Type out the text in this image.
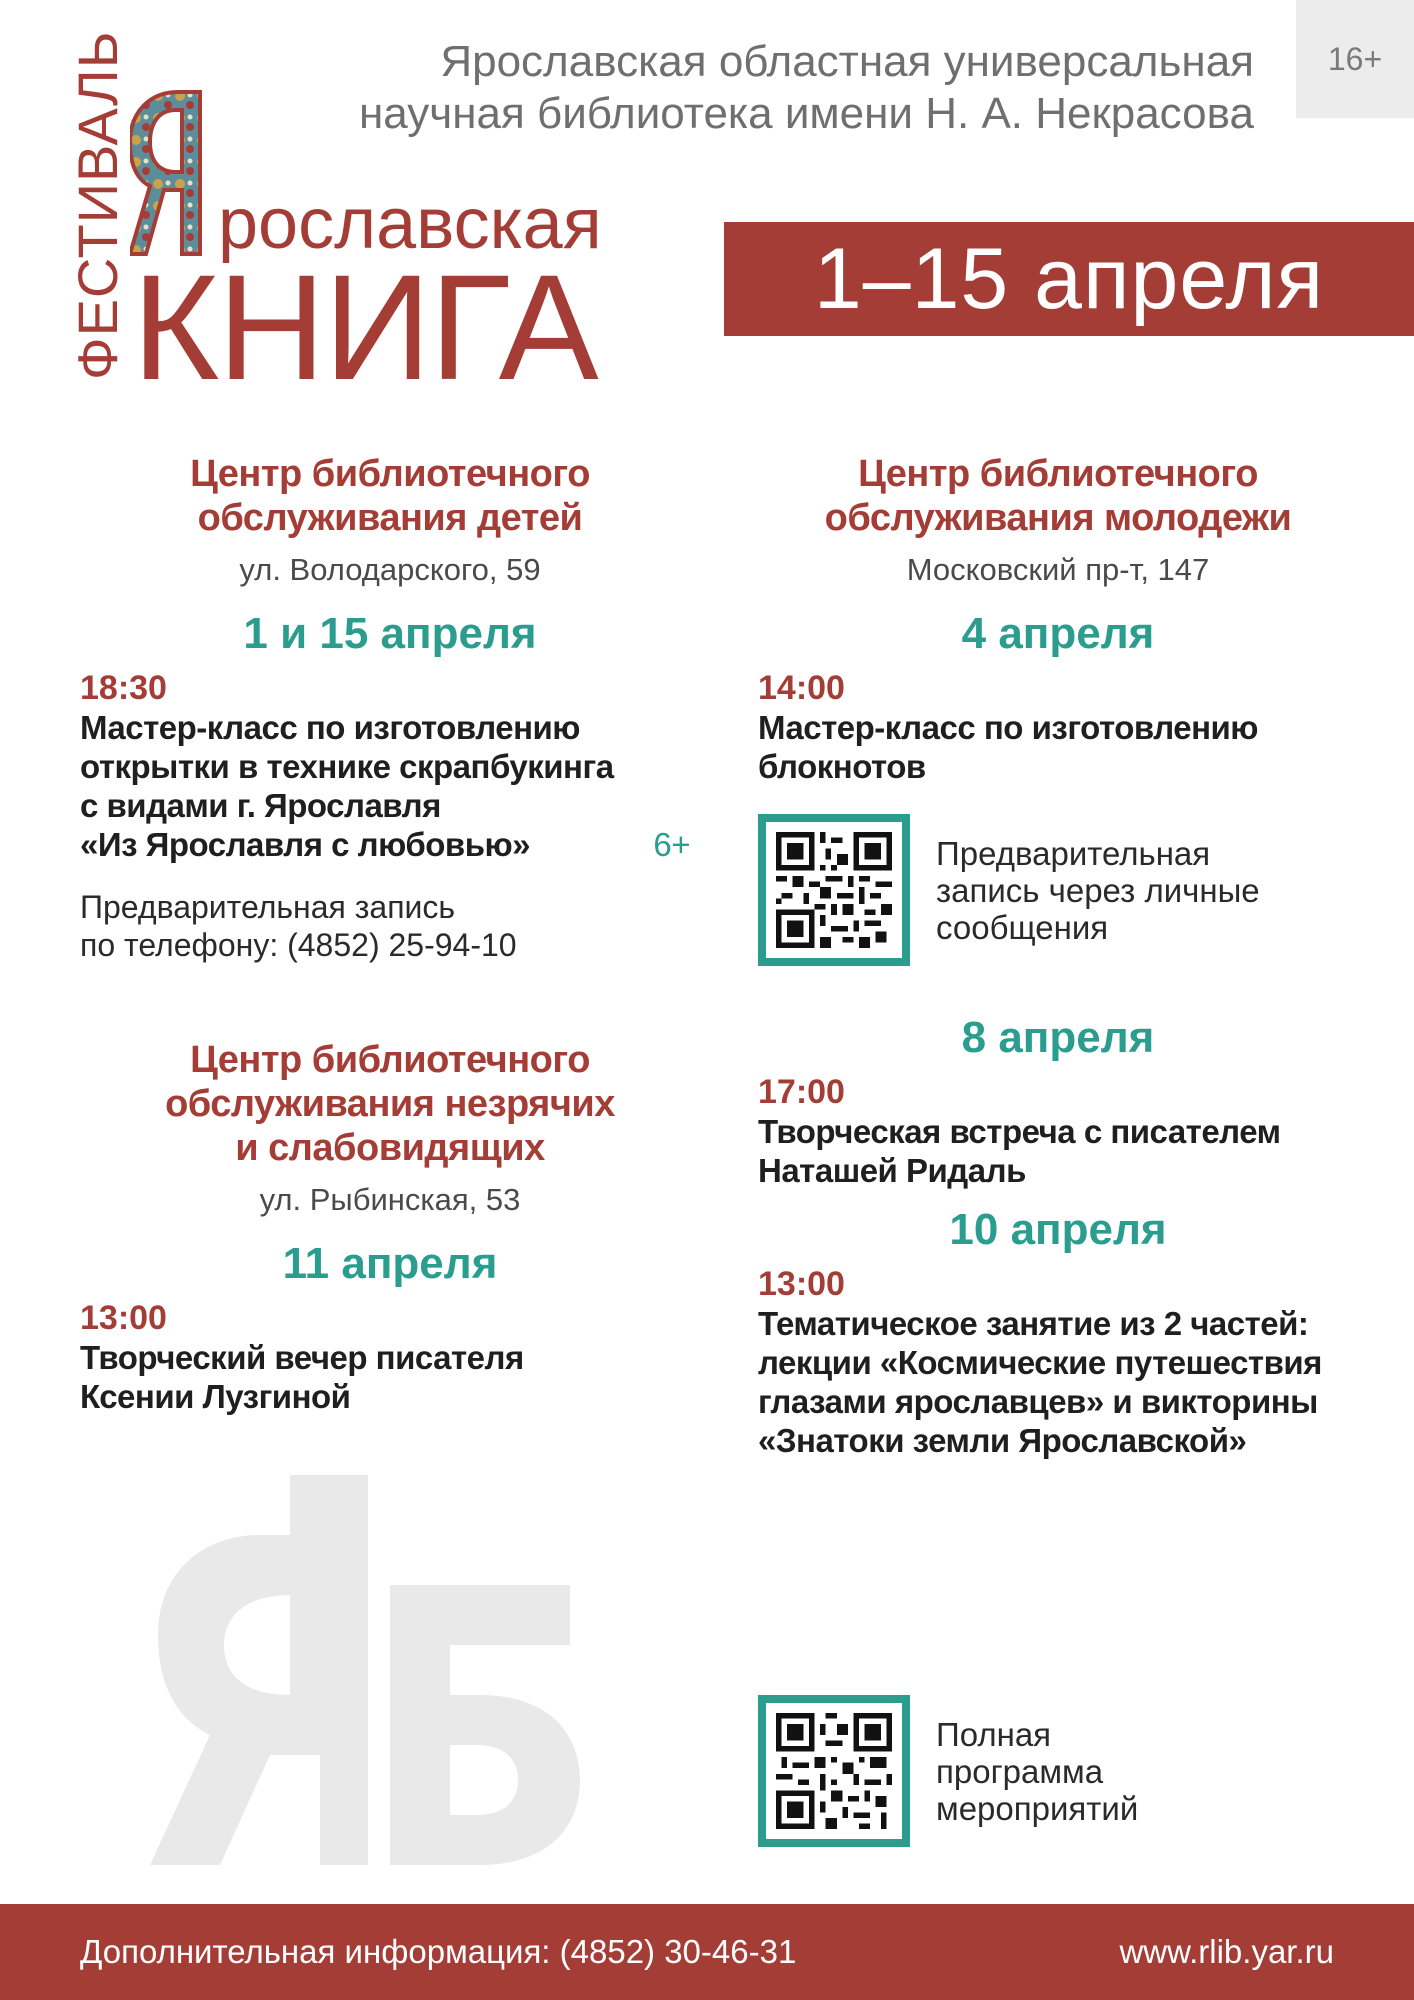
16+
Ярославская областная универсальная
научная библиотека имени Н. А. Некрасова
ФЕСТИВАЛЬ	Я
рославская
КНИГА	1–15 апреля
Центр библиотечного
обслуживания детей
ул. Володарского, 59
1 и 15 апреля
18:30
Мастер-класс по изготовлению
открытки в технике скрапбукинга
с видами г. Ярославля
«Из Ярославля с любовью»	6+
Предварительная запись
по телефону: (4852) 25-94-10
Центр библиотечного
обслуживания незрячих
и слабовидящих
ул. Рыбинская, 53
11 апреля
13:00
Творческий вечер писателя
Ксении Лузгиной
Центр библиотечного
обслуживания молодежи
Московский пр-т, 147
4 апреля
14:00
Мастер-класс по изготовлению
блокнотов
Предварительная
запись через личные
сообщения
8 апреля
17:00
Творческая встреча с писателем
Наташей Ридаль
10 апреля
13:00
Тематическое занятие из 2 частей:
лекции «Космические путешествия
глазами ярославцев» и викторины
«Знатоки земли Ярославской»
Полная
программа
мероприятий
Дополнительная информация: (4852) 30-46-31	www.rlib.yar.ru
